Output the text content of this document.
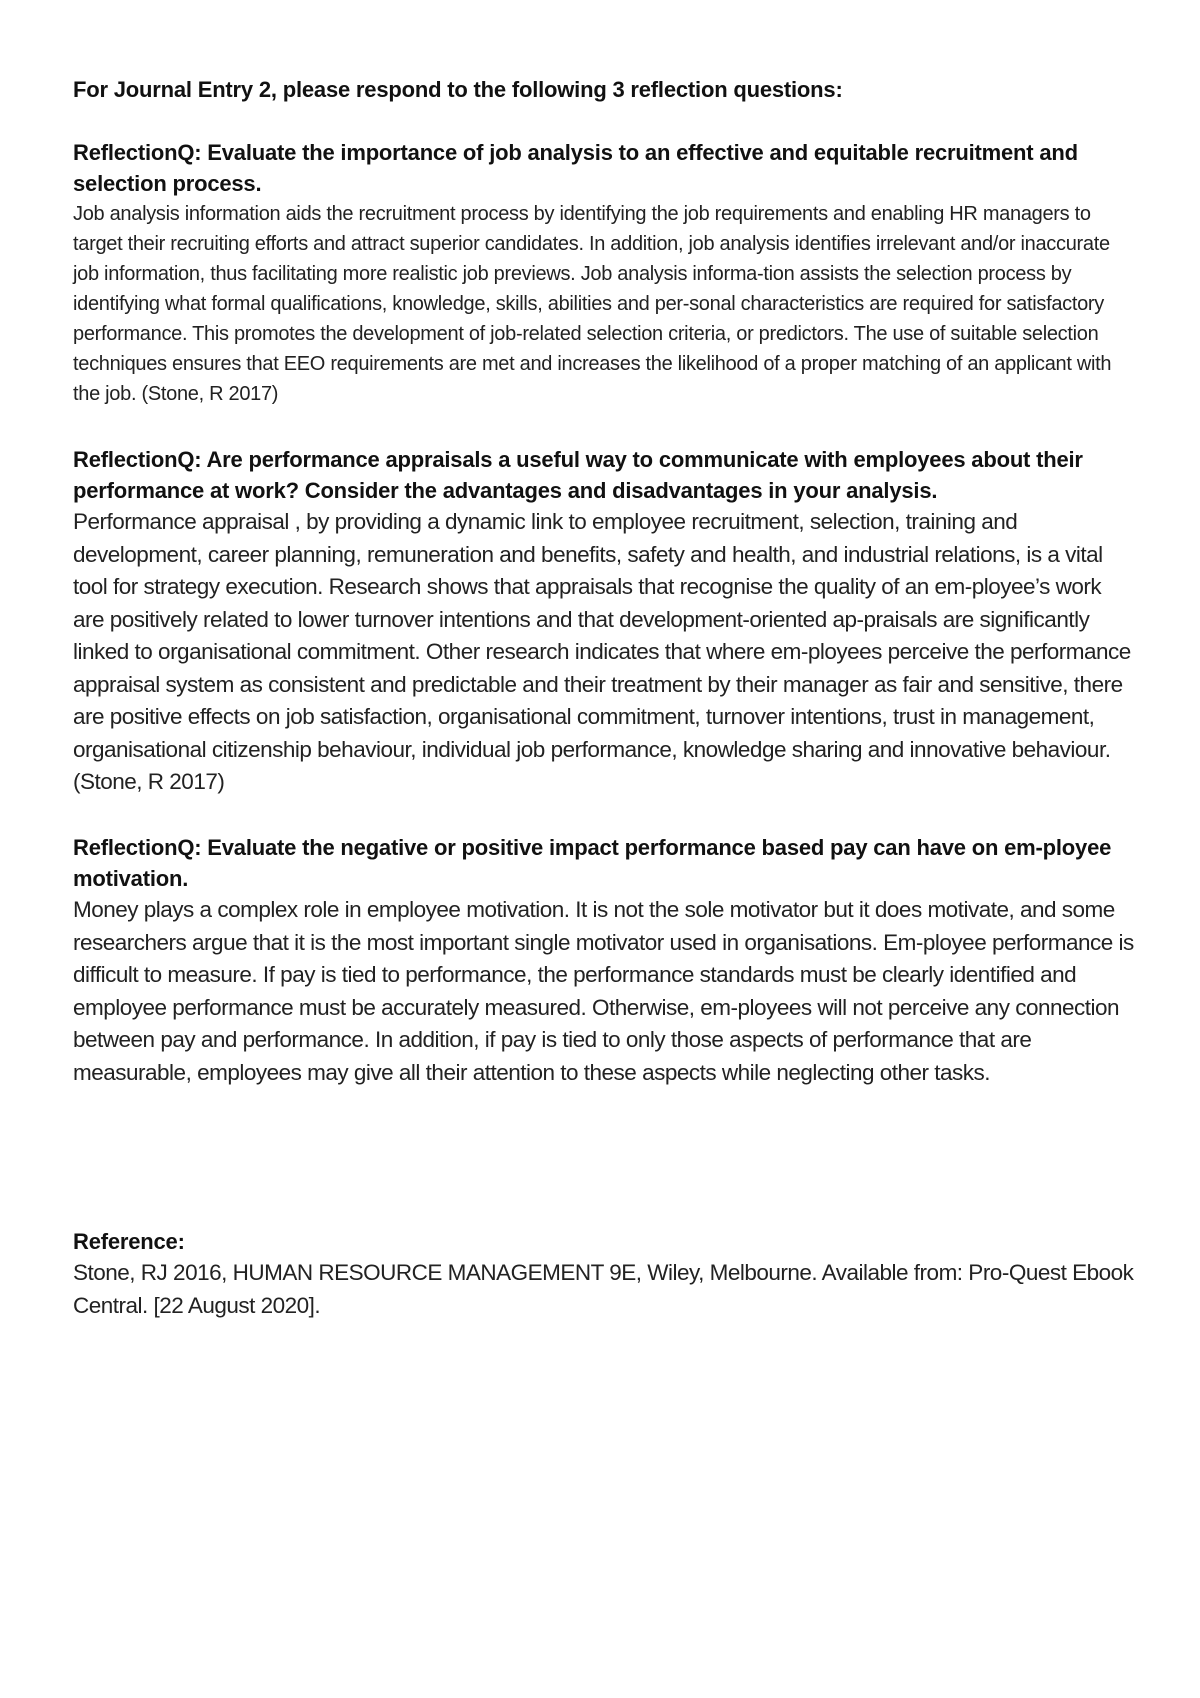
For Journal Entry 2, please respond to the following 3 reflection questions:

ReflectionQ: Evaluate the importance of job analysis to an effective and equitable recruitment and selection process.

Job analysis information aids the recruitment process by identifying the job requirements and enabling HR managers to target their recruiting efforts and attract superior candidates. In addition, job analysis identifies irrelevant and/or inaccurate job information, thus facilitating more realistic job previews. Job analysis informa-tion assists the selection process by identifying what formal qualifications, knowledge, skills, abilities and per-sonal characteristics are required for satisfactory performance. This promotes the development of job-related selection criteria, or predictors. The use of suitable selection techniques ensures that EEO requirements are met and increases the likelihood of a proper matching of an applicant with the job. (Stone, R 2017)

ReflectionQ: Are performance appraisals a useful way to communicate with employees about their performance at work? Consider the advantages and disadvantages in your analysis.

Performance appraisal , by providing a dynamic link to employee recruitment, selection, training and development, career planning, remuneration and benefits, safety and health, and industrial relations, is a vital tool for strategy execution. Research shows that appraisals that recognise the quality of an em-ployee’s work are positively related to lower turnover intentions and that development-oriented ap-praisals are significantly linked to organisational commitment. Other research indicates that where em-ployees perceive the performance appraisal system as consistent and predictable and their treatment by their manager as fair and sensitive, there are positive effects on job satisfaction, organisational commitment, turnover intentions, trust in management, organisational citizenship behaviour, individual job performance, knowledge sharing and innovative behaviour. (Stone, R 2017)

ReflectionQ: Evaluate the negative or positive impact performance based pay can have on em-ployee motivation.

Money plays a complex role in employee motivation. It is not the sole motivator but it does motivate, and some researchers argue that it is the most important single motivator used in organisations. Em-ployee performance is difficult to measure. If pay is tied to performance, the performance standards must be clearly identified and employee performance must be accurately measured. Otherwise, em-ployees will not perceive any connection between pay and performance. In addition, if pay is tied to only those aspects of performance that are measurable, employees may give all their attention to these aspects while neglecting other tasks.

Reference:

Stone, RJ 2016, HUMAN RESOURCE MANAGEMENT 9E, Wiley, Melbourne. Available from: Pro-Quest Ebook Central. [22 August 2020].
